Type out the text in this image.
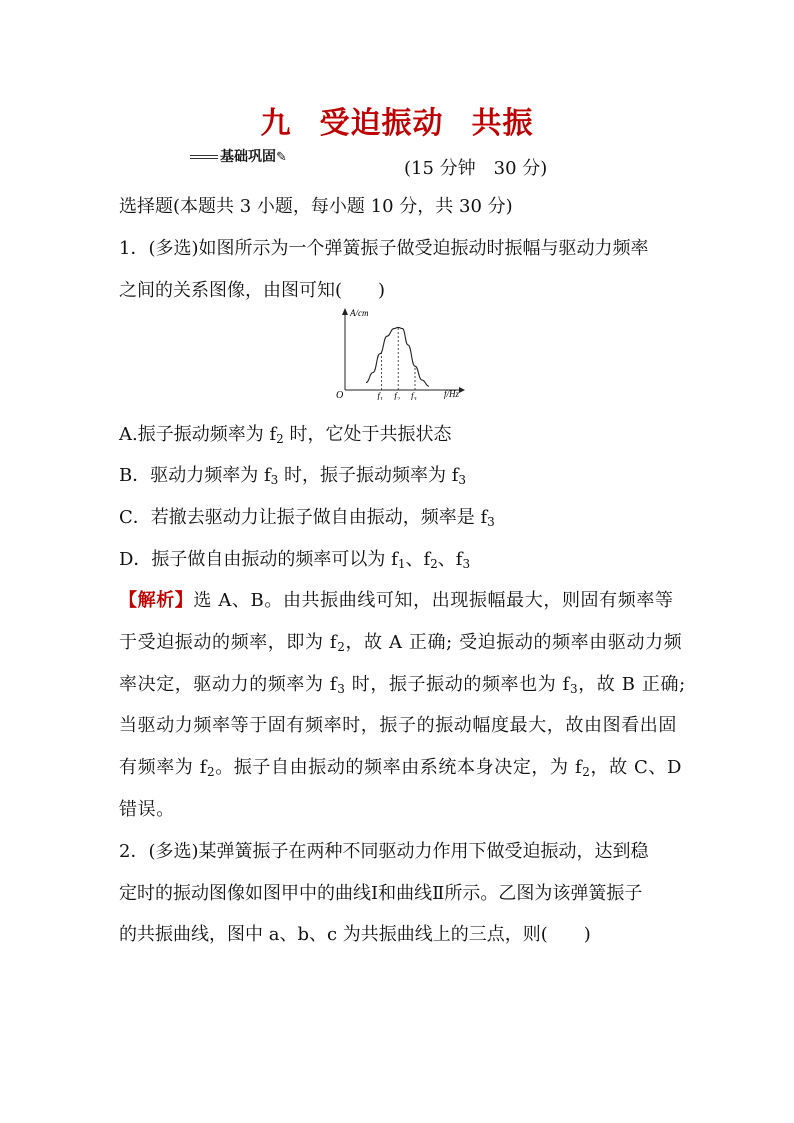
九 受迫振动 共振
基础巩固✎
(15 分钟　30 分)
选择题(本题共 3 小题，每小题 10 分，共 30 分)
1．(多选)如图所示为一个弹簧振子做受迫振动时振幅与驱动力频率
之间的关系图像，由图可知(　　)
O
A/cm
f/Hz
$f_1$ $f_2$ $f_3$
A.振子振动频率为 $f_2$ 时，它处于共振状态
B．驱动力频率为 $f_3$ 时，振子振动频率为 $f_3$
C．若撤去驱动力让振子做自由振动，频率是 $f_3$
D．振子做自由振动的频率可以为 $f_1$、$f_2$、$f_3$
【解析】选 A、B。由共振曲线可知，出现振幅最大，则固有频率等
于受迫振动的频率，即为 $f_2$，故 A 正确; 受迫振动的频率由驱动力频
率决定，驱动力的频率为 $f_3$ 时，振子振动的频率也为 $f_3$，故 B 正确;
当驱动力频率等于固有频率时，振子的振动幅度最大，故由图看出固
有频率为 $f_2$。振子自由振动的频率由系统本身决定，为 $f_2$，故 C、D
错误。
2．(多选)某弹簧振子在两种不同驱动力作用下做受迫振动，达到稳
定时的振动图像如图甲中的曲线Ⅰ和曲线Ⅱ所示。乙图为该弹簧振子
的共振曲线，图中 a、b、c 为共振曲线上的三点，则(　　)
